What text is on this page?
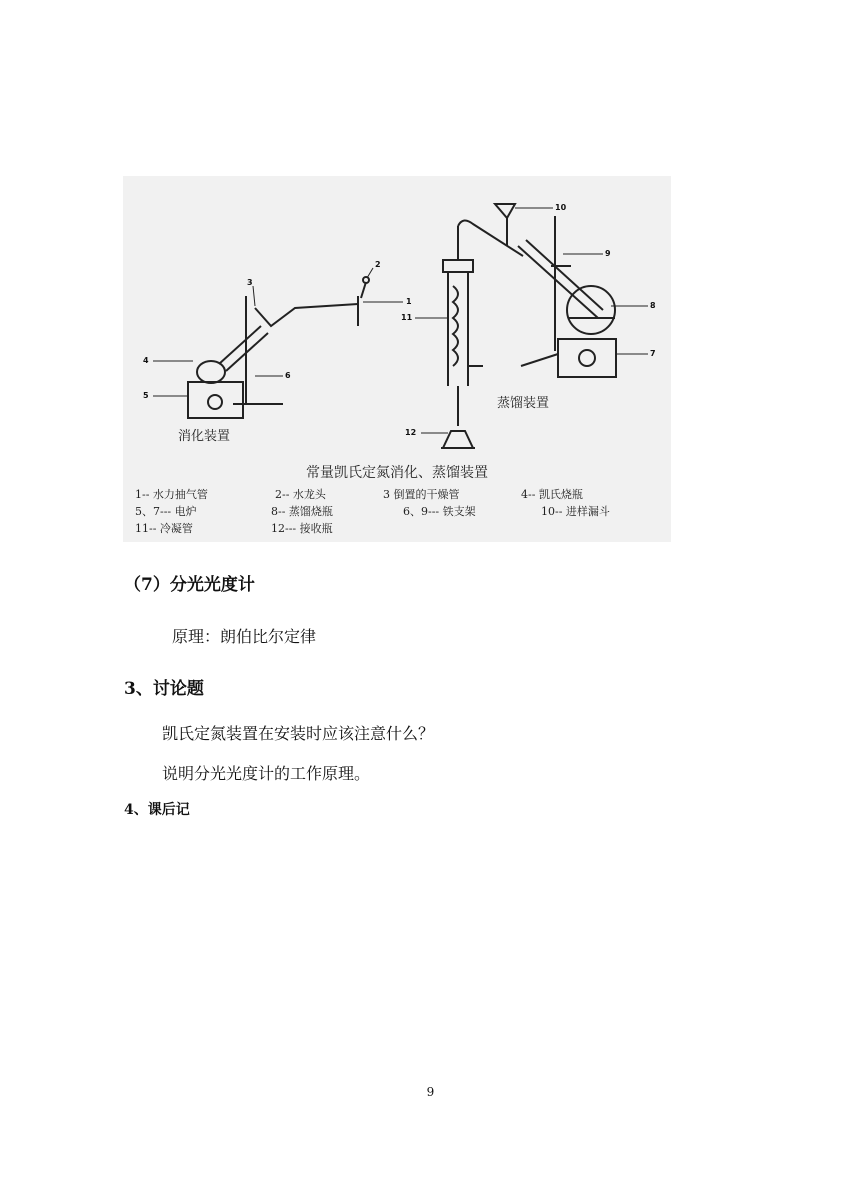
4
5
3
6
2
1
11
12
10
9
8
7
消化装置
蒸馏装置
常量凯氏定氮消化、蒸馏装置
1-- 水力抽气管	2-- 水龙头	3 倒置的干燥管	4-- 凯氏烧瓶
5、7--- 电炉	8-- 蒸馏烧瓶	6、9--- 铁支架	10-- 进样漏斗
11-- 冷凝管	12--- 接收瓶
（7）分光光度计
原理：朗伯比尔定律
3、讨论题
凯氏定氮装置在安装时应该注意什么？
说明分光光度计的工作原理。
4、课后记
9
